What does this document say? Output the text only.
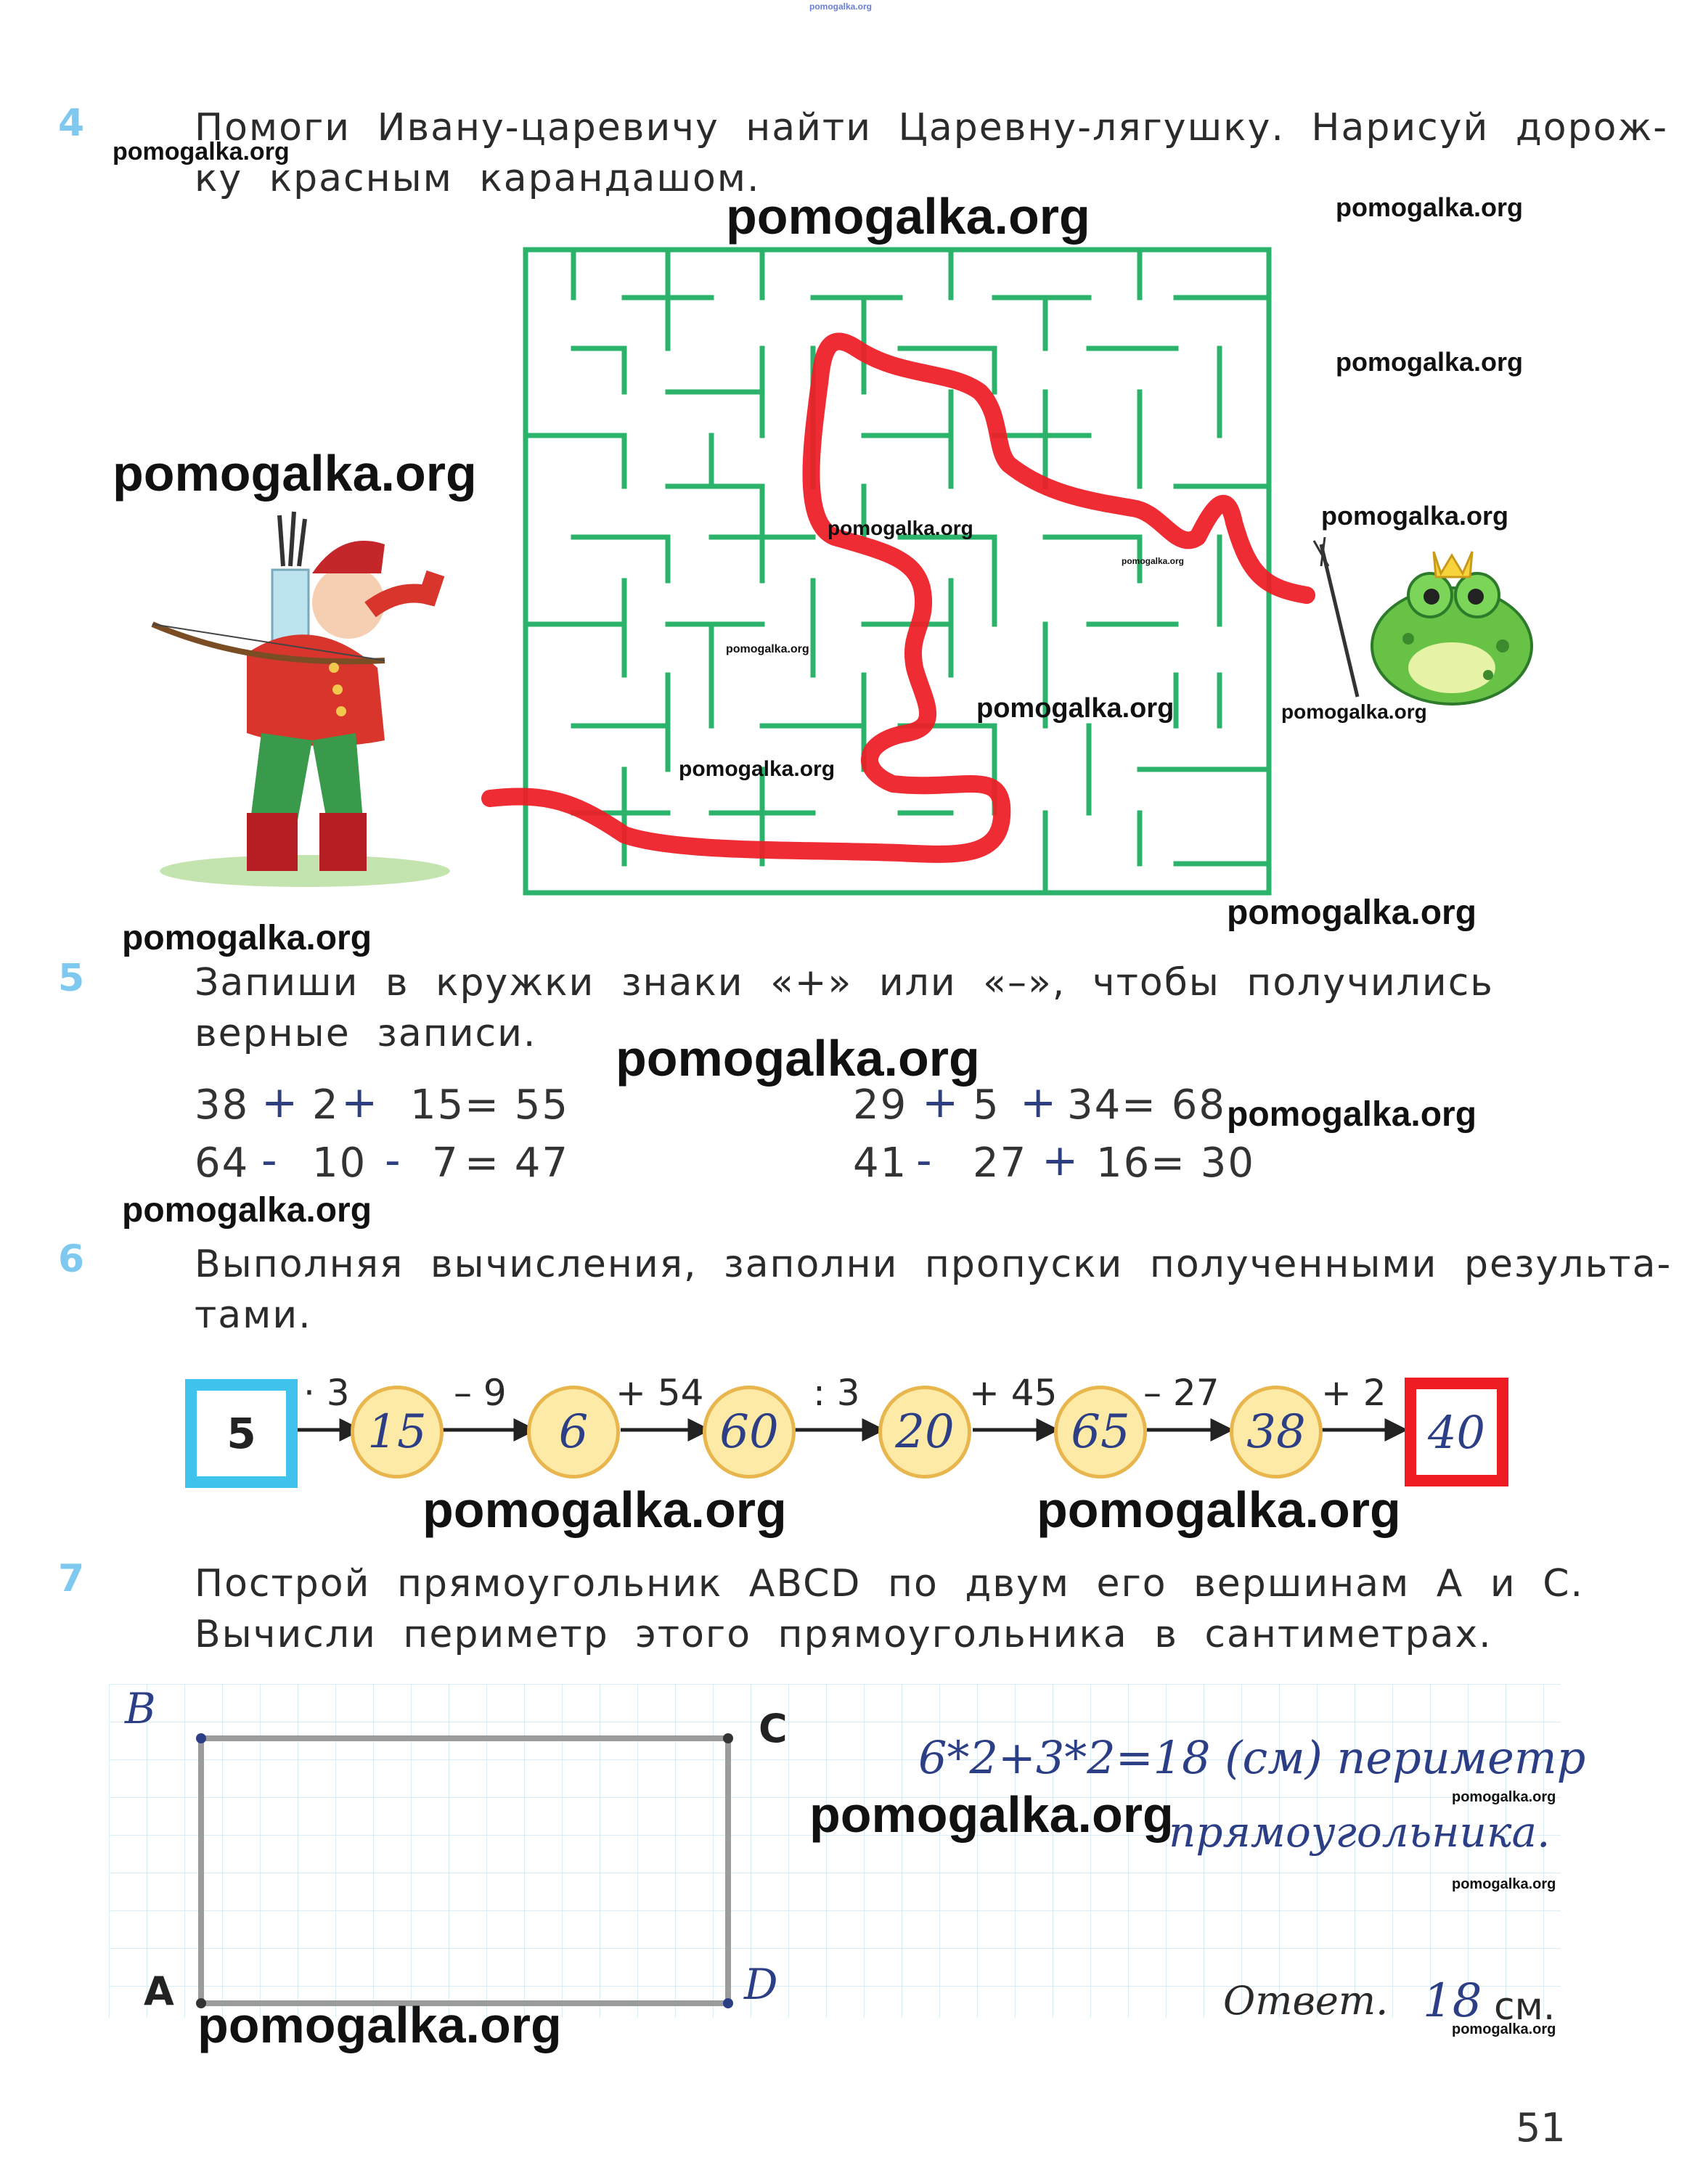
pomogalka.org
4	Помоги Ивану-царевичу найти Царевну-лягушку. Нарисуй дорож-
ку красным карандашом.
5	Запиши в кружки знаки «+» или «–», чтобы получились
верные записи.
38 + 2 + 15 = 55
64 - 10 - 7 = 47
29 + 5 + 34 = 68
41 - 27 + 16 = 30
6	Выполняя вычисления, заполни пропуски полученными результа-
тами.
5
· 3	– 9	+ 54	: 3	+ 45 – 27	+ 2
15	6	60	20	65	38	40
7	Построй прямоугольник ABCD по двум его вершинам A и C.
Вычисли периметр этого прямоугольника в сантиметрах.
B	C
A	D
6*2+3*2=18 (см) периметр
прямоугольника.
Ответ. 18 см.
51
pomogalka.org
pomogalka.org	pomogalka.org
pomogalka.org
pomogalka.org
pomogalka.org
pomogalka.org
pomogalka.org
pomogalka.org
pomogalka.org	pomogalka.org
pomogalka.org
pomogalka.org
pomogalka.org
pomogalka.org
pomogalka.org
pomogalka.org
pomogalka.org	pomogalka.org
pomogalka.org	pomogalka.org
pomogalka.org
pomogalka.org	pomogalka.org
